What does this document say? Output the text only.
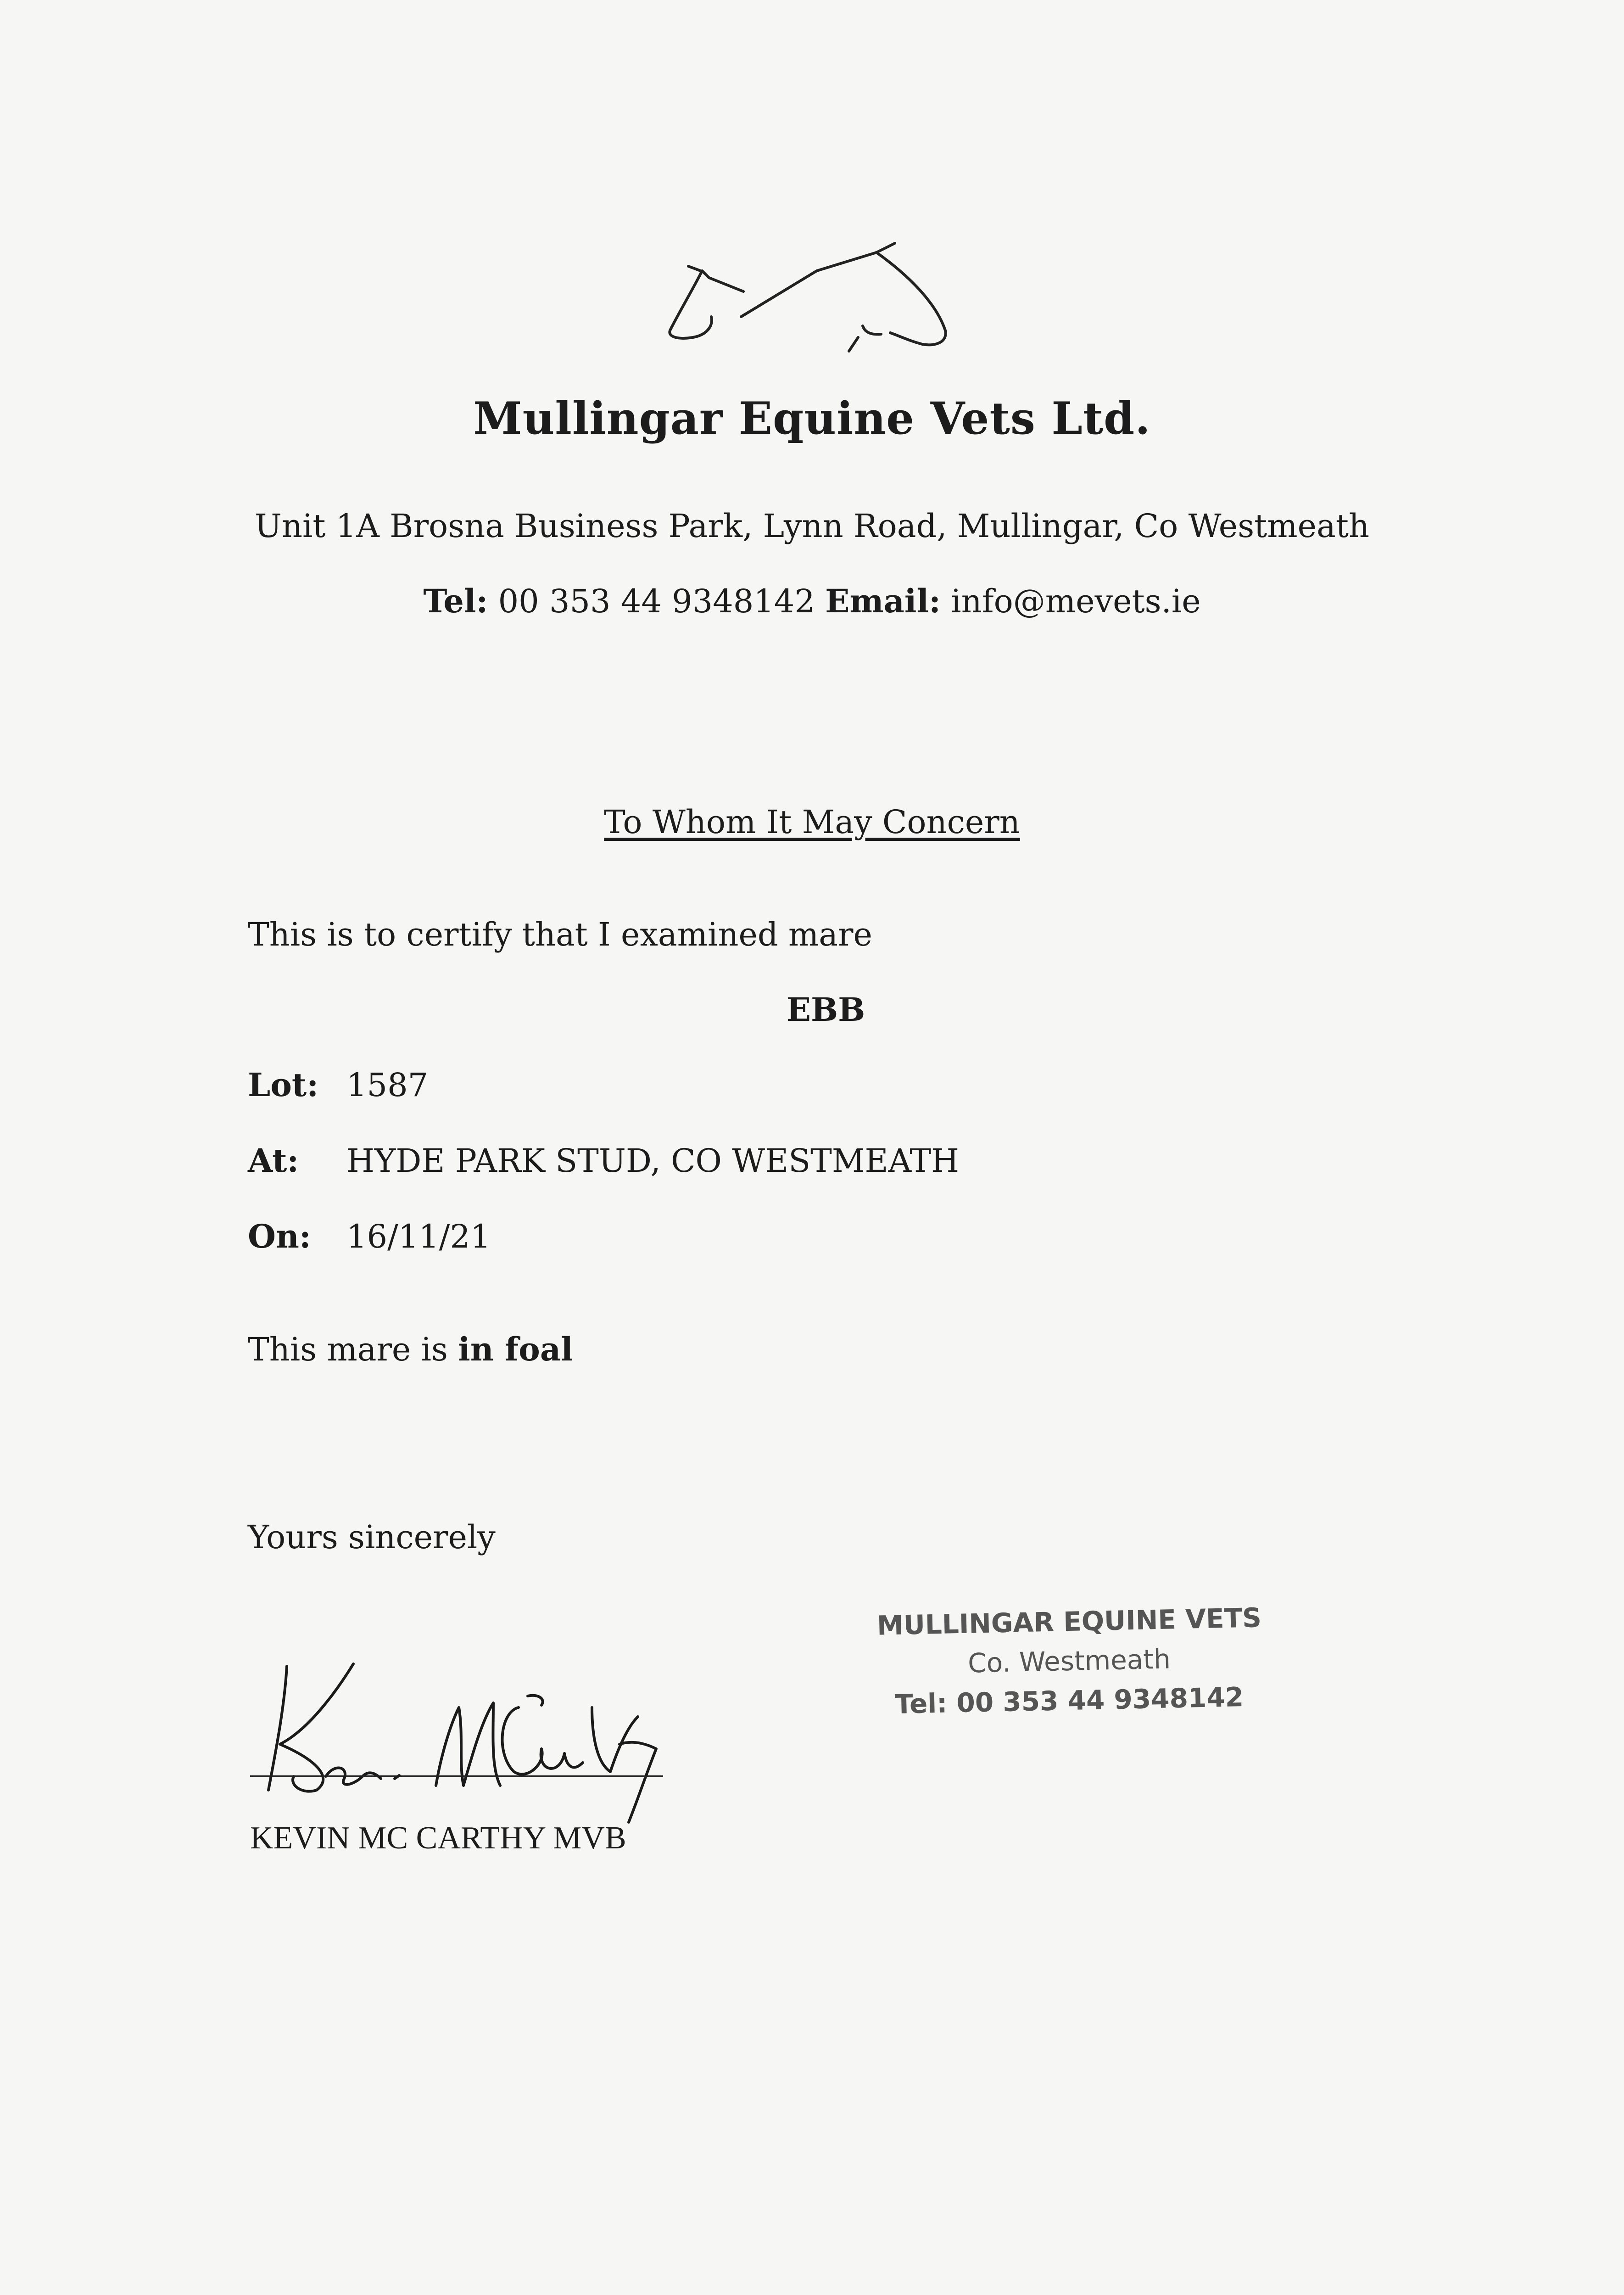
Mullingar Equine Vets Ltd.
Unit 1A Brosna Business Park, Lynn Road, Mullingar, Co Westmeath
Tel: 00 353 44 9348142 Email: info@mevets.ie
To Whom It May Concern
This is to certify that I examined mare
EBB
Lot: 1587
At: HYDE PARK STUD, CO WESTMEATH
On: 16/11/21
This mare is in foal
Yours sincerely
KEVIN MC CARTHY MVB
MULLINGAR EQUINE VETS
Co. Westmeath
Tel: 00 353 44 9348142
